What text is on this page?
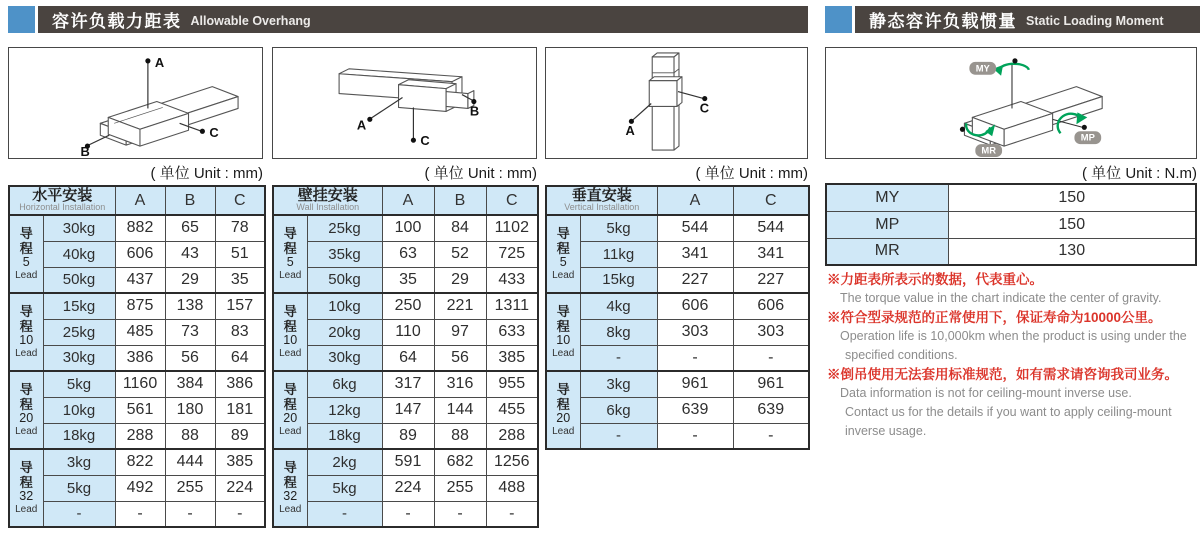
容许负载力距表 Allowable Overhang	静态容许负载惯量 Static Loading Moment
A
B
C
A
B
C
A
C
MY
MP
MR
( 单位 Unit : mm)	( 单位 Unit : mm)	( 单位 Unit : mm)	( 单位 Unit : N.m)
水平安装
Horizontal Installation		A	B	C

导程
5
Lead	30kg	882	65	78
	40kg	606	43	51
	50kg	437	29	35

导程
10
Lead	15kg	875	138	157
	25kg	485	73	83
	30kg	386	56	64

导程
20
Lead	5kg	1160	384	386
	10kg	561	180	181
	18kg	288	88	89

导程
32
Lead	3kg	822	444	385
	5kg	492	255	224
	-	-	-	-
壁挂安装
Wall Installation		A	B	C

导程
5
Lead	25kg	100	84	1102
	35kg	63	52	725
	50kg	35	29	433

导程
10
Lead	10kg	250	221	1311
	20kg	110	97	633
	30kg	64	56	385

导程
20
Lead	6kg	317	316	955
	12kg	147	144	455
	18kg	89	88	288

导程
32
Lead	2kg	591	682	1256
	5kg	224	255	488
	-	-	-	-
垂直安装
Vertical Installation		A	C

导程
5
Lead	5kg	544	544
	11kg	341	341
	15kg	227	227

导程
10
Lead	4kg	606	606
	8kg	303	303
	-	-	-

导程
20
Lead	3kg	961	961
	6kg	639	639
	-	-	-
MY	150
MP	150
MR	130
※力距表所表示的数据，代表重心。
The torque value in the chart indicate the center of gravity.
※符合型录规范的正常使用下，保证寿命为10000公里。
Operation life is 10,000km when the product is using under the
specified conditions.
※倒吊使用无法套用标准规范，如有需求请咨询我司业务。
Data information is not for ceiling-mount inverse use.
Contact us for the details if you want to apply ceiling-mount
inverse usage.
